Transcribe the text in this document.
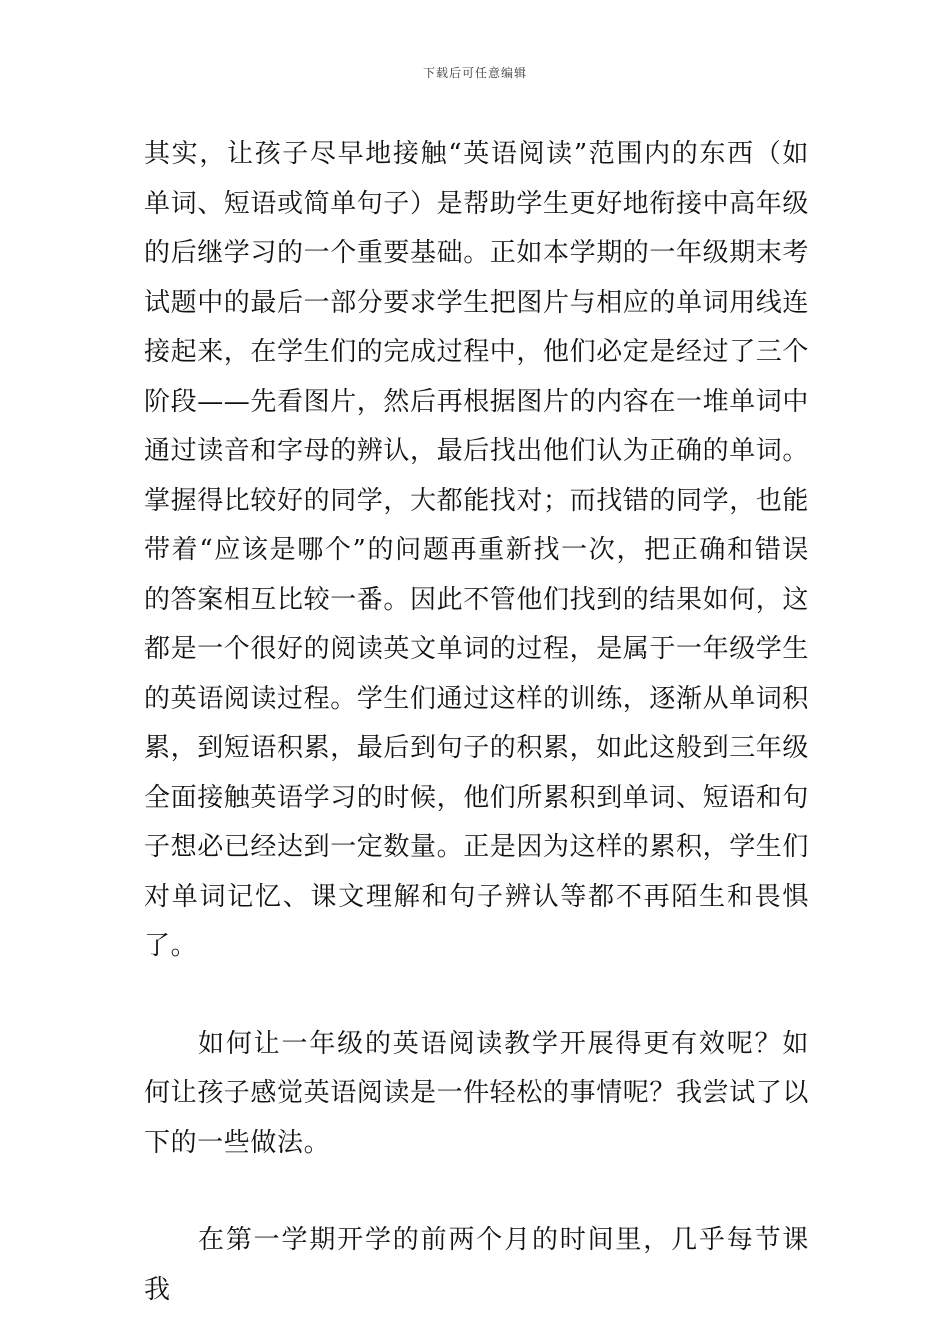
下载后可任意编辑

其实，让孩子尽早地接触“英语阅读”范围内的东西（如单词、短语或简单句子）是帮助学生更好地衔接中高年级的后继学习的一个重要基础。正如本学期的一年级期末考试题中的最后一部分要求学生把图片与相应的单词用线连接起来，在学生们的完成过程中，他们必定是经过了三个阶段——先看图片，然后再根据图片的内容在一堆单词中通过读音和字母的辨认，最后找出他们认为正确的单词。掌握得比较好的同学，大都能找对；而找错的同学，也能带着“应该是哪个”的问题再重新找一次，把正确和错误的答案相互比较一番。因此不管他们找到的结果如何，这都是一个很好的阅读英文单词的过程，是属于一年级学生的英语阅读过程。学生们通过这样的训练，逐渐从单词积累，到短语积累，最后到句子的积累，如此这般到三年级全面接触英语学习的时候，他们所累积到单词、短语和句子想必已经达到一定数量。正是因为这样的累积，学生们对单词记忆、课文理解和句子辨认等都不再陌生和畏惧了。

如何让一年级的英语阅读教学开展得更有效呢？如何让孩子感觉英语阅读是一件轻松的事情呢？我尝试了以下的一些做法。

在第一学期开学的前两个月的时间里，几乎每节课我
